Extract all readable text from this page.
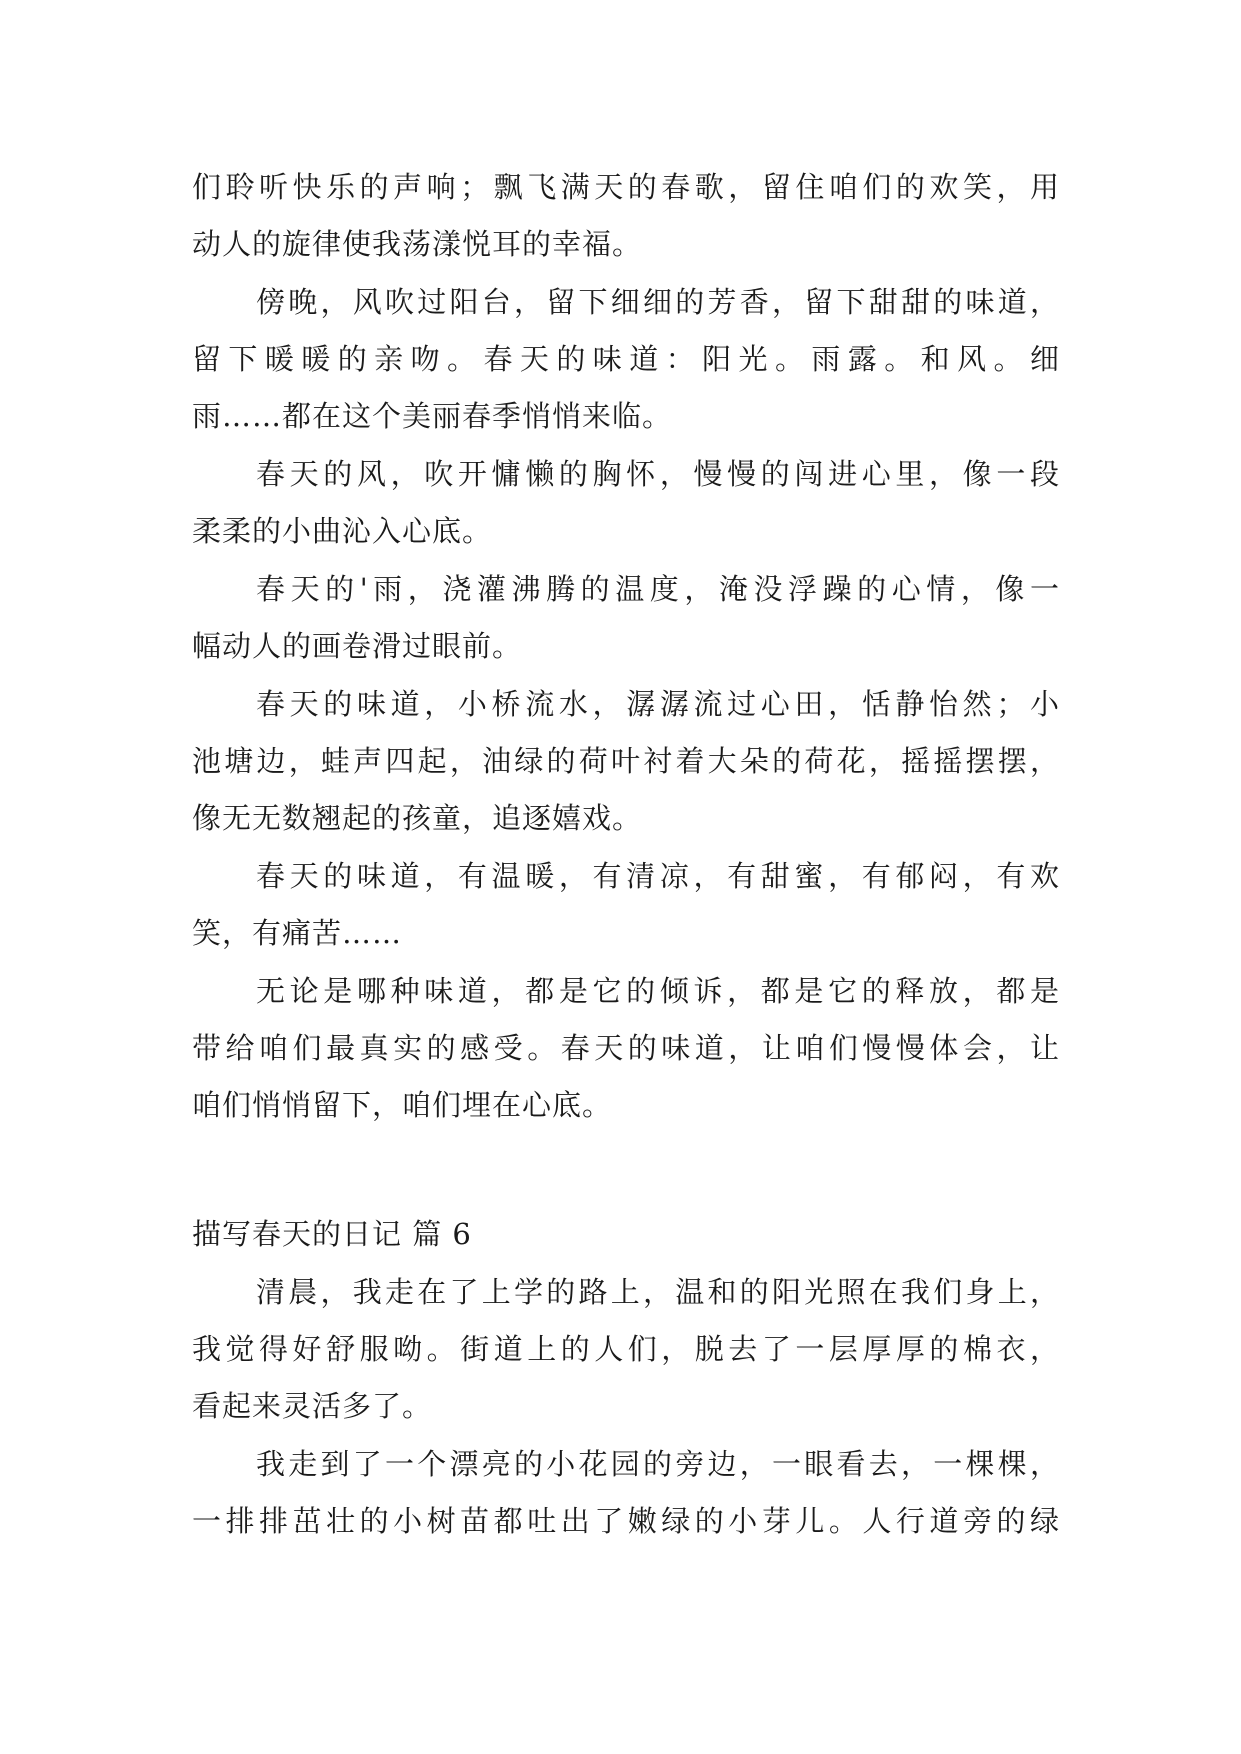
们聆听快乐的声响；飘飞满天的春歌，留住咱们的欢笑，用
动人的旋律使我荡漾悦耳的幸福。
傍晚，风吹过阳台，留下细细的芳香，留下甜甜的味道，
留下暖暖的亲吻。春天的味道：阳光。雨露。和风。细
雨……都在这个美丽春季悄悄来临。
春天的风，吹开慵懒的胸怀，慢慢的闯进心里，像一段
柔柔的小曲沁入心底。
春天的'雨，浇灌沸腾的温度，淹没浮躁的心情，像一
幅动人的画卷滑过眼前。
春天的味道，小桥流水，潺潺流过心田，恬静怡然；小
池塘边，蛙声四起，油绿的荷叶衬着大朵的荷花，摇摇摆摆，
像无无数翘起的孩童，追逐嬉戏。
春天的味道，有温暖，有清凉，有甜蜜，有郁闷，有欢
笑，有痛苦……
无论是哪种味道，都是它的倾诉，都是它的释放，都是
带给咱们最真实的感受。春天的味道，让咱们慢慢体会，让
咱们悄悄留下，咱们埋在心底。
描写春天的日记 篇 6
清晨，我走在了上学的路上，温和的阳光照在我们身上，
我觉得好舒服呦。街道上的人们，脱去了一层厚厚的棉衣，
看起来灵活多了。
我走到了一个漂亮的小花园的旁边，一眼看去，一棵棵，
一排排茁壮的小树苗都吐出了嫩绿的小芽儿。人行道旁的绿
